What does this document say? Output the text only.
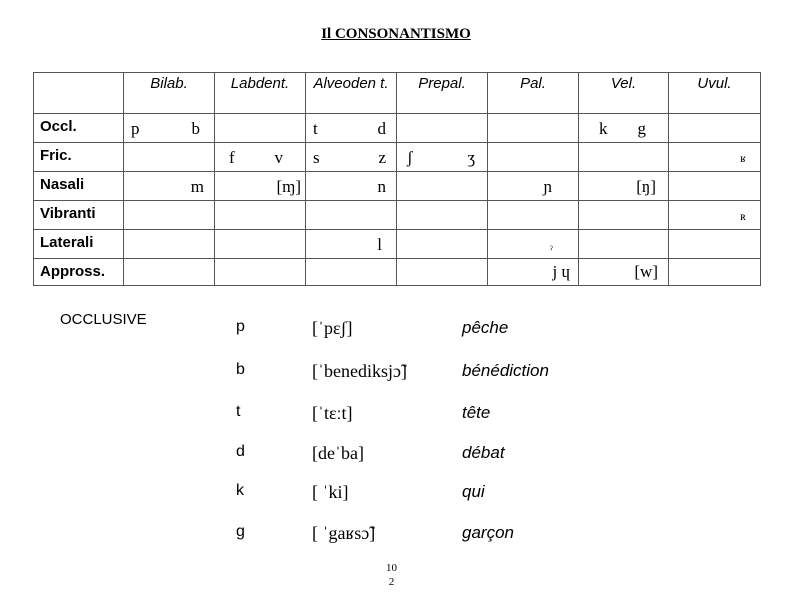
Il CONSONANTISMO
	Bilab.	Labdent.	Alveoden t.	Prepal.	Pal.	Vel.	Uvul.
Occl.	p b		t d			k g	

Fric.		f v	s z	ʃ ʒ			ʁ

Nasali	m	[ɱ]	n		ɲ	[ŋ]	

Vibranti							ʀ

Laterali			l		ˀ		

Appross.					j ɥ	[w]	

OCCLUSIVE	p	[ˈpɛʃ]	pêche
b	[ˈbenediksjɔ̃]	bénédiction
t	[ˈtɛːt]	tête
d	[deˈba]	débat
k	[ ˈki]	qui
g	[ ˈgaʁsɔ̃]	garçon
10
2
